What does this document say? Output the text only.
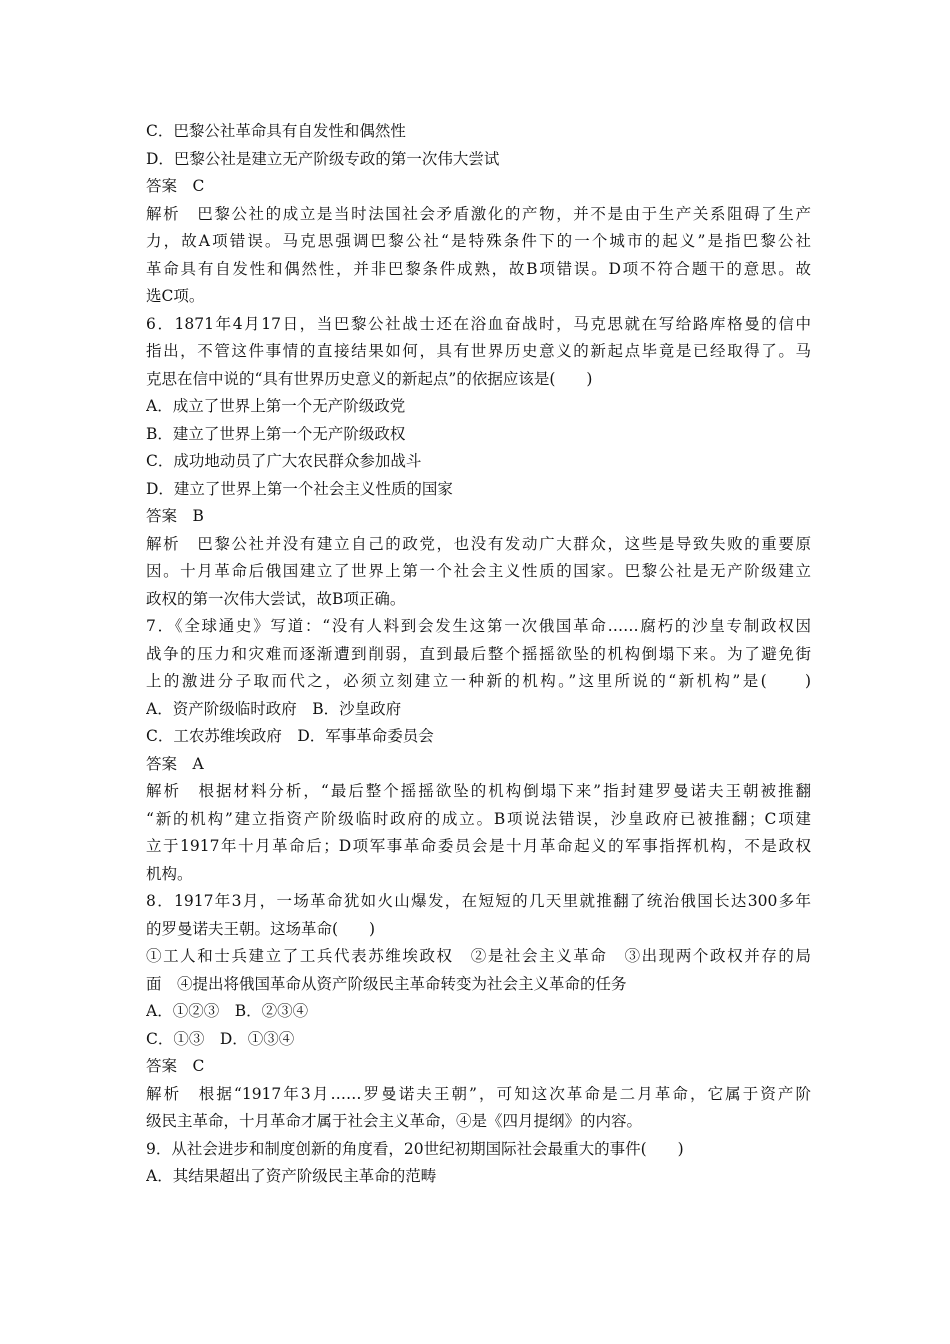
C．巴黎公社革命具有自发性和偶然性
D．巴黎公社是建立无产阶级专政的第一次伟大尝试
答案　C
解析　巴黎公社的成立是当时法国社会矛盾激化的产物，并不是由于生产关系阻碍了生产
力，故A项错误。马克思强调巴黎公社“是特殊条件下的一个城市的起义”是指巴黎公社
革命具有自发性和偶然性，并非巴黎条件成熟，故B项错误。D项不符合题干的意思。故
选C项。
6．1871年4月17日，当巴黎公社战士还在浴血奋战时，马克思就在写给路库格曼的信中
指出，不管这件事情的直接结果如何，具有世界历史意义的新起点毕竟是已经取得了。马
克思在信中说的“具有世界历史意义的新起点”的依据应该是(　　)
A．成立了世界上第一个无产阶级政党
B．建立了世界上第一个无产阶级政权
C．成功地动员了广大农民群众参加战斗
D．建立了世界上第一个社会主义性质的国家
答案　B
解析　巴黎公社并没有建立自己的政党，也没有发动广大群众，这些是导致失败的重要原
因。十月革命后俄国建立了世界上第一个社会主义性质的国家。巴黎公社是无产阶级建立
政权的第一次伟大尝试，故B项正确。
7．《全球通史》写道：“没有人料到会发生这第一次俄国革命……腐朽的沙皇专制政权因
战争的压力和灾难而逐渐遭到削弱，直到最后整个摇摇欲坠的机构倒塌下来。为了避免街
上的激进分子取而代之，必须立刻建立一种新的机构。”这里所说的“新机构”是(　　)
A．资产阶级临时政府　B．沙皇政府
C．工农苏维埃政府　D．军事革命委员会
答案　A
解析　根据材料分析，“最后整个摇摇欲坠的机构倒塌下来”指封建罗曼诺夫王朝被推翻
“新的机构”建立指资产阶级临时政府的成立。B项说法错误，沙皇政府已被推翻；C项建
立于1917年十月革命后；D项军事革命委员会是十月革命起义的军事指挥机构，不是政权
机构。
8．1917年3月，一场革命犹如火山爆发，在短短的几天里就推翻了统治俄国长达300多年
的罗曼诺夫王朝。这场革命(　　)
①工人和士兵建立了工兵代表苏维埃政权　②是社会主义革命　③出现两个政权并存的局
面　④提出将俄国革命从资产阶级民主革命转变为社会主义革命的任务
A．①②③　B．②③④
C．①③　D．①③④
答案　C
解析　根据“1917年3月……罗曼诺夫王朝”，可知这次革命是二月革命，它属于资产阶
级民主革命，十月革命才属于社会主义革命，④是《四月提纲》的内容。
9．从社会进步和制度创新的角度看，20世纪初期国际社会最重大的事件(　　)
A．其结果超出了资产阶级民主革命的范畴
